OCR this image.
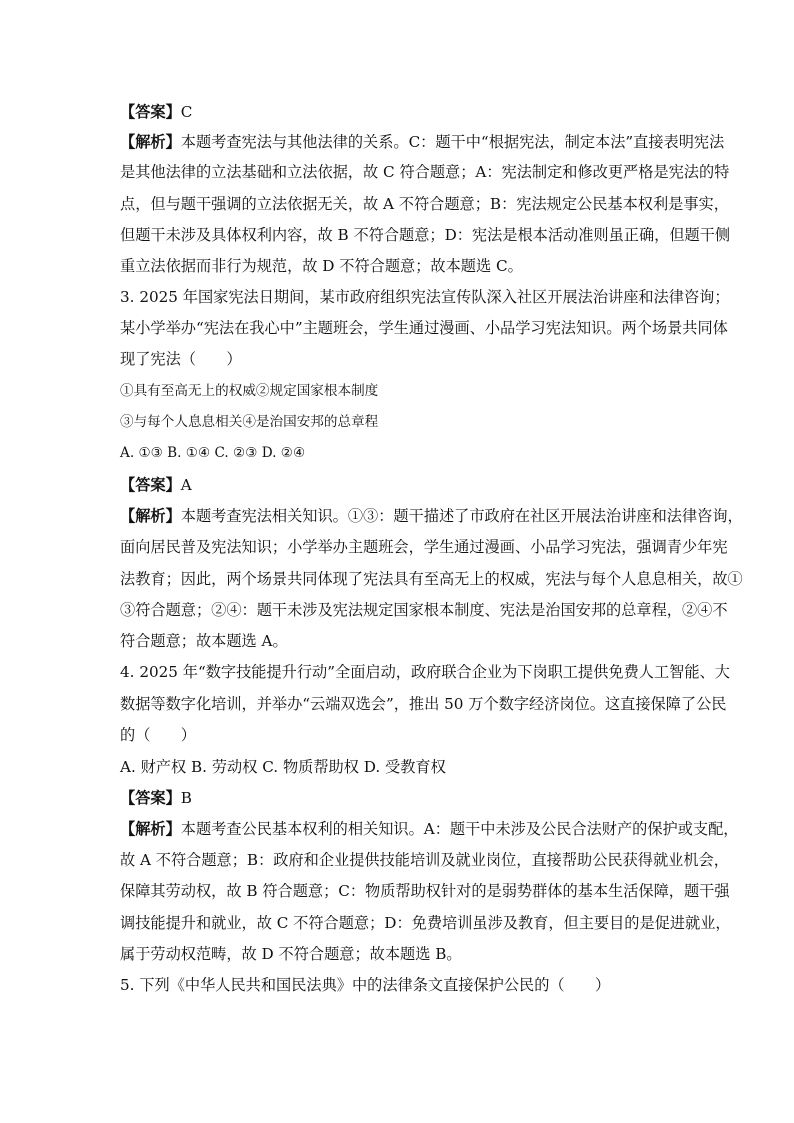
【答案】C
【解析】本题考查宪法与其他法律的关系。C：题干中“根据宪法，制定本法”直接表明宪法
是其他法律的立法基础和立法依据，故 C 符合题意；A：宪法制定和修改更严格是宪法的特
点，但与题干强调的立法依据无关，故 A 不符合题意；B：宪法规定公民基本权利是事实，
但题干未涉及具体权利内容，故 B 不符合题意；D：宪法是根本活动准则虽正确，但题干侧
重立法依据而非行为规范，故 D 不符合题意；故本题选 C。
3. 2025 年国家宪法日期间，某市政府组织宪法宣传队深入社区开展法治讲座和法律咨询；
某小学举办“宪法在我心中”主题班会，学生通过漫画、小品学习宪法知识。两个场景共同体
现了宪法（　　）
①具有至高无上的权威②规定国家根本制度
③与每个人息息相关④是治国安邦的总章程
A. ①③ B. ①④ C. ②③ D. ②④
【答案】A
【解析】本题考查宪法相关知识。①③：题干描述了市政府在社区开展法治讲座和法律咨询，
面向居民普及宪法知识；小学举办主题班会，学生通过漫画、小品学习宪法，强调青少年宪
法教育；因此，两个场景共同体现了宪法具有至高无上的权威，宪法与每个人息息相关，故①
③符合题意；②④：题干未涉及宪法规定国家根本制度、宪法是治国安邦的总章程，②④不
符合题意；故本题选 A。
4. 2025 年“数字技能提升行动”全面启动，政府联合企业为下岗职工提供免费人工智能、大
数据等数字化培训，并举办“云端双选会”，推出 50 万个数字经济岗位。这直接保障了公民
的（　　）
A. 财产权 B. 劳动权 C. 物质帮助权 D. 受教育权
【答案】B
【解析】本题考查公民基本权利的相关知识。A：题干中未涉及公民合法财产的保护或支配，
故 A 不符合题意；B：政府和企业提供技能培训及就业岗位，直接帮助公民获得就业机会，
保障其劳动权，故 B 符合题意；C：物质帮助权针对的是弱势群体的基本生活保障，题干强
调技能提升和就业，故 C 不符合题意；D：免费培训虽涉及教育，但主要目的是促进就业，
属于劳动权范畴，故 D 不符合题意；故本题选 B。
5. 下列《中华人民共和国民法典》中的法律条文直接保护公民的（　　）
